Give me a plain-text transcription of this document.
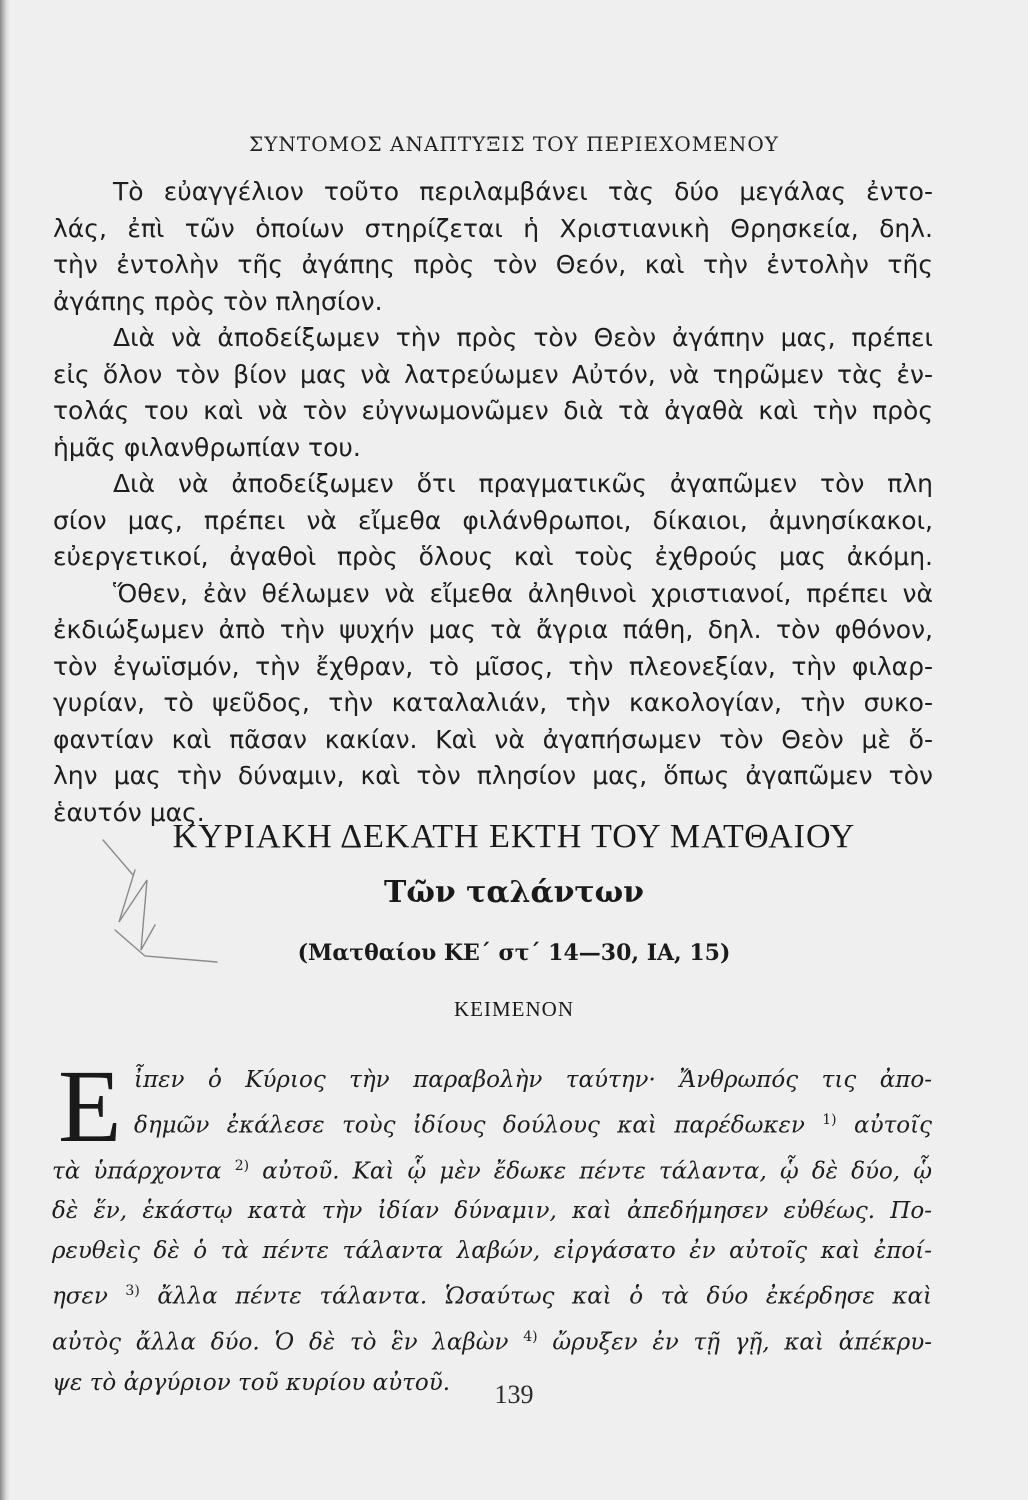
ΣΥΝΤΟΜΟΣ ΑΝΑΠΤΥΞΙΣ ΤΟΥ ΠΕΡΙΕΧΟΜΕΝΟΥ
Τὸ εὐαγγέλιον τοῦτο περιλαμβάνει τὰς δύο μεγάλας ἐντο-
λάς, ἐπὶ τῶν ὁποίων στηρίζεται ἡ Χριστιανικὴ Θρησκεία, δηλ.
τὴν ἐντολὴν τῆς ἀγάπης πρὸς τὸν Θεόν, καὶ τὴν ἐντολὴν τῆς
ἀγάπης πρὸς τὸν πλησίον.
Διὰ νὰ ἀποδείξωμεν τὴν πρὸς τὸν Θεὸν ἀγάπην μας, πρέπει
εἰς ὅλον τὸν βίον μας νὰ λατρεύωμεν Αὐτόν, νὰ τηρῶμεν τὰς ἐν-
τολάς του καὶ νὰ τὸν εὐγνωμονῶμεν διὰ τὰ ἀγαθὰ καὶ τὴν πρὸς
ἡμᾶς φιλανθρωπίαν του.
Διὰ νὰ ἀποδείξωμεν ὅτι πραγματικῶς ἀγαπῶμεν τὸν πλη
σίον μας, πρέπει νὰ εἴμεθα φιλάνθρωποι, δίκαιοι, ἀμνησίκακοι,
εὐεργετικοί, ἀγαθοὶ πρὸς ὅλους καὶ τοὺς ἐχθρούς μας ἀκόμη.
Ὅθεν, ἐὰν θέλωμεν νὰ εἴμεθα ἀληθινοὶ χριστιανοί, πρέπει νὰ
ἐκδιώξωμεν ἀπὸ τὴν ψυχήν μας τὰ ἄγρια πάθη, δηλ. τὸν φθόνον,
τὸν ἐγωϊσμόν, τὴν ἔχθραν, τὸ μῖσος, τὴν πλεονεξίαν, τὴν φιλαρ-
γυρίαν, τὸ ψεῦδος, τὴν καταλαλιάν, τὴν κακολογίαν, τὴν συκο-
φαντίαν καὶ πᾶσαν κακίαν. Καὶ νὰ ἀγαπήσωμεν τὸν Θεὸν μὲ ὅ-
λην μας τὴν δύναμιν, καὶ τὸν πλησίον μας, ὅπως ἀγαπῶμεν τὸν
ἑαυτόν μας.
ΚΥΡΙΑΚΗ ΔΕΚΑΤΗ ΕΚΤΗ ΤΟΥ ΜΑΤΘΑΙΟΥ
Τῶν ταλάντων
(Ματθαίου ΚΕ΄ στ΄ 14—30, ΙΑ, 15)
ΚΕΙΜΕΝΟΝ
Ε ἶπεν ὁ Κύριος τὴν παραβολὴν ταύτην· Ἄνθρωπός τις ἀπο-
δημῶν ἐκάλεσε τοὺς ἰδίους δούλους καὶ παρέδωκεν $^{1)}$ αὐτοῖς
τὰ ὑπάρχοντα $^{2)}$ αὐτοῦ. Καὶ ᾧ μὲν ἔδωκε πέντε τάλαντα, ᾧ δὲ δύο, ᾧ
δὲ ἕν, ἑκάστῳ κατὰ τὴν ἰδίαν δύναμιν, καὶ ἀπεδήμησεν εὐθέως. Πο-
ρευθεὶς δὲ ὁ τὰ πέντε τάλαντα λαβών, εἰργάσατο ἐν αὐτοῖς καὶ ἐποί-
ησεν $^{3)}$ ἄλλα πέντε τάλαντα. Ὡσαύτως καὶ ὁ τὰ δύο ἐκέρδησε καὶ
αὐτὸς ἄλλα δύο. Ὁ δὲ τὸ ἓν λαβὼν $^{4)}$ ὤρυξεν ἐν τῇ γῇ, καὶ ἀπέκρυ-
ψε τὸ ἀργύριον τοῦ κυρίου αὐτοῦ.	139
